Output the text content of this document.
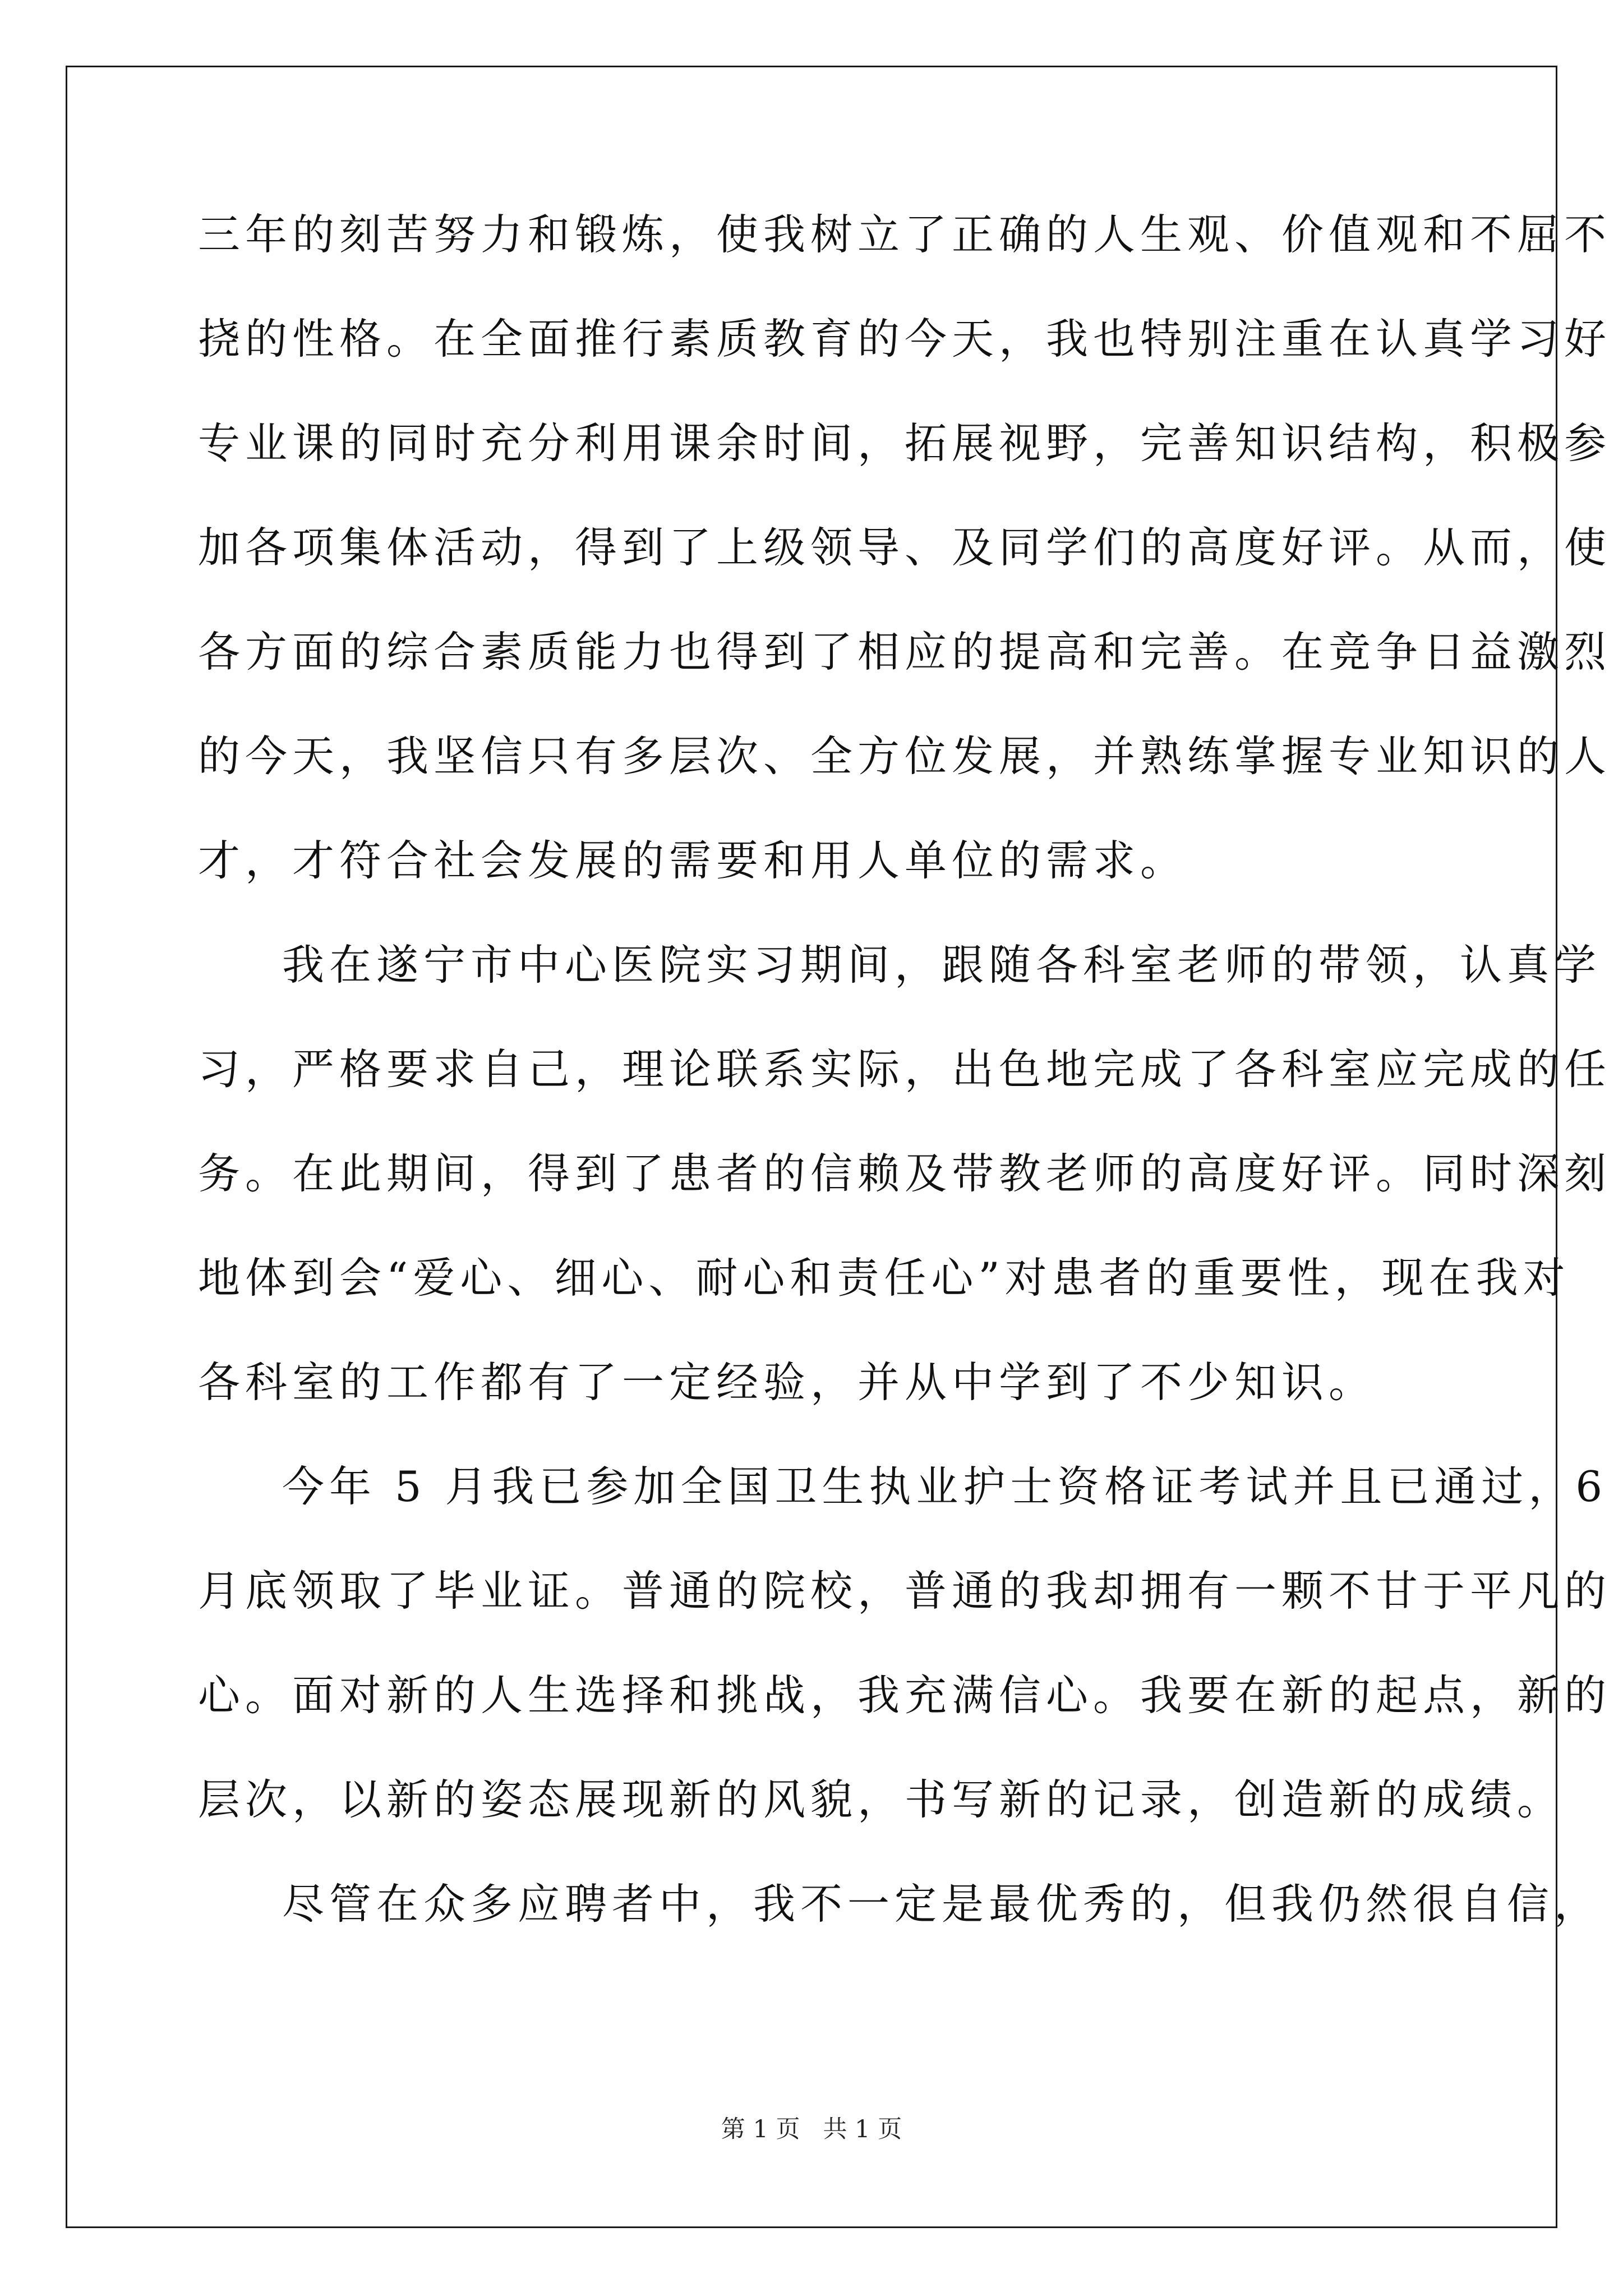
三年的刻苦努力和锻炼，使我树立了正确的人生观、价值观和不屈不
挠的性格。在全面推行素质教育的今天，我也特别注重在认真学习好
专业课的同时充分利用课余时间，拓展视野，完善知识结构，积极参
加各项集体活动，得到了上级领导、及同学们的高度好评。从而，使
各方面的综合素质能力也得到了相应的提高和完善。在竞争日益激烈
的今天，我坚信只有多层次、全方位发展，并熟练掌握专业知识的人
才，才符合社会发展的需要和用人单位的需求。
我在遂宁市中心医院实习期间，跟随各科室老师的带领，认真学
习，严格要求自己，理论联系实际，出色地完成了各科室应完成的任
务。在此期间，得到了患者的信赖及带教老师的高度好评。同时深刻
地体到会“爱心、细心、耐心和责任心”对患者的重要性，现在我对
各科室的工作都有了一定经验，并从中学到了不少知识。
今年 5 月我已参加全国卫生执业护士资格证考试并且已通过，6
月底领取了毕业证。普通的院校，普通的我却拥有一颗不甘于平凡的
心。面对新的人生选择和挑战，我充满信心。我要在新的起点，新的
层次，以新的姿态展现新的风貌，书写新的记录，创造新的成绩。
尽管在众多应聘者中，我不一定是最优秀的，但我仍然很自信，
第 1 页   共 1 页
